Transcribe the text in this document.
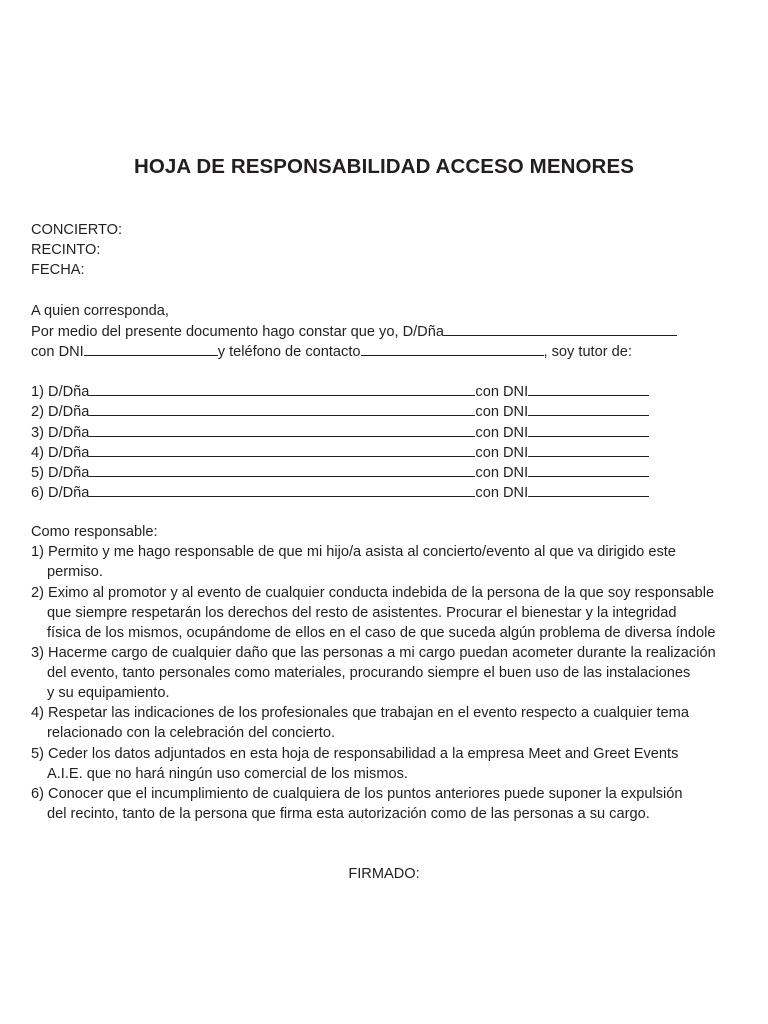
HOJA DE RESPONSABILIDAD ACCESO MENORES
CONCIERTO:
RECINTO:
FECHA:
A quien corresponda,
Por medio del presente documento hago constar que yo, D/Dña
con DNI	y teléfono de contacto	, soy tutor de:
1) D/Dña	con DNI
2) D/Dña	con DNI
3) D/Dña	con DNI
4) D/Dña	con DNI
5) D/Dña	con DNI
6) D/Dña	con DNI
Como responsable:
1) Permito y me hago responsable de que mi hijo/a asista al concierto/evento al que va dirigido este
permiso.
2) Eximo al promotor y al evento de cualquier conducta indebida de la persona de la que soy responsable
que siempre respetarán los derechos del resto de asistentes. Procurar el bienestar y la integridad
física de los mismos, ocupándome de ellos en el caso de que suceda algún problema de diversa índole
3) Hacerme cargo de cualquier daño que las personas a mi cargo puedan acometer durante la realización
del evento, tanto personales como materiales, procurando siempre el buen uso de las instalaciones
y su equipamiento.
4) Respetar las indicaciones de los profesionales que trabajan en el evento respecto a cualquier tema
relacionado con la celebración del concierto.
5) Ceder los datos adjuntados en esta hoja de responsabilidad a la empresa Meet and Greet Events
A.I.E. que no hará ningún uso comercial de los mismos.
6) Conocer que el incumplimiento de cualquiera de los puntos anteriores puede suponer la expulsión
del recinto, tanto de la persona que firma esta autorización como de las personas a su cargo.
FIRMADO:
